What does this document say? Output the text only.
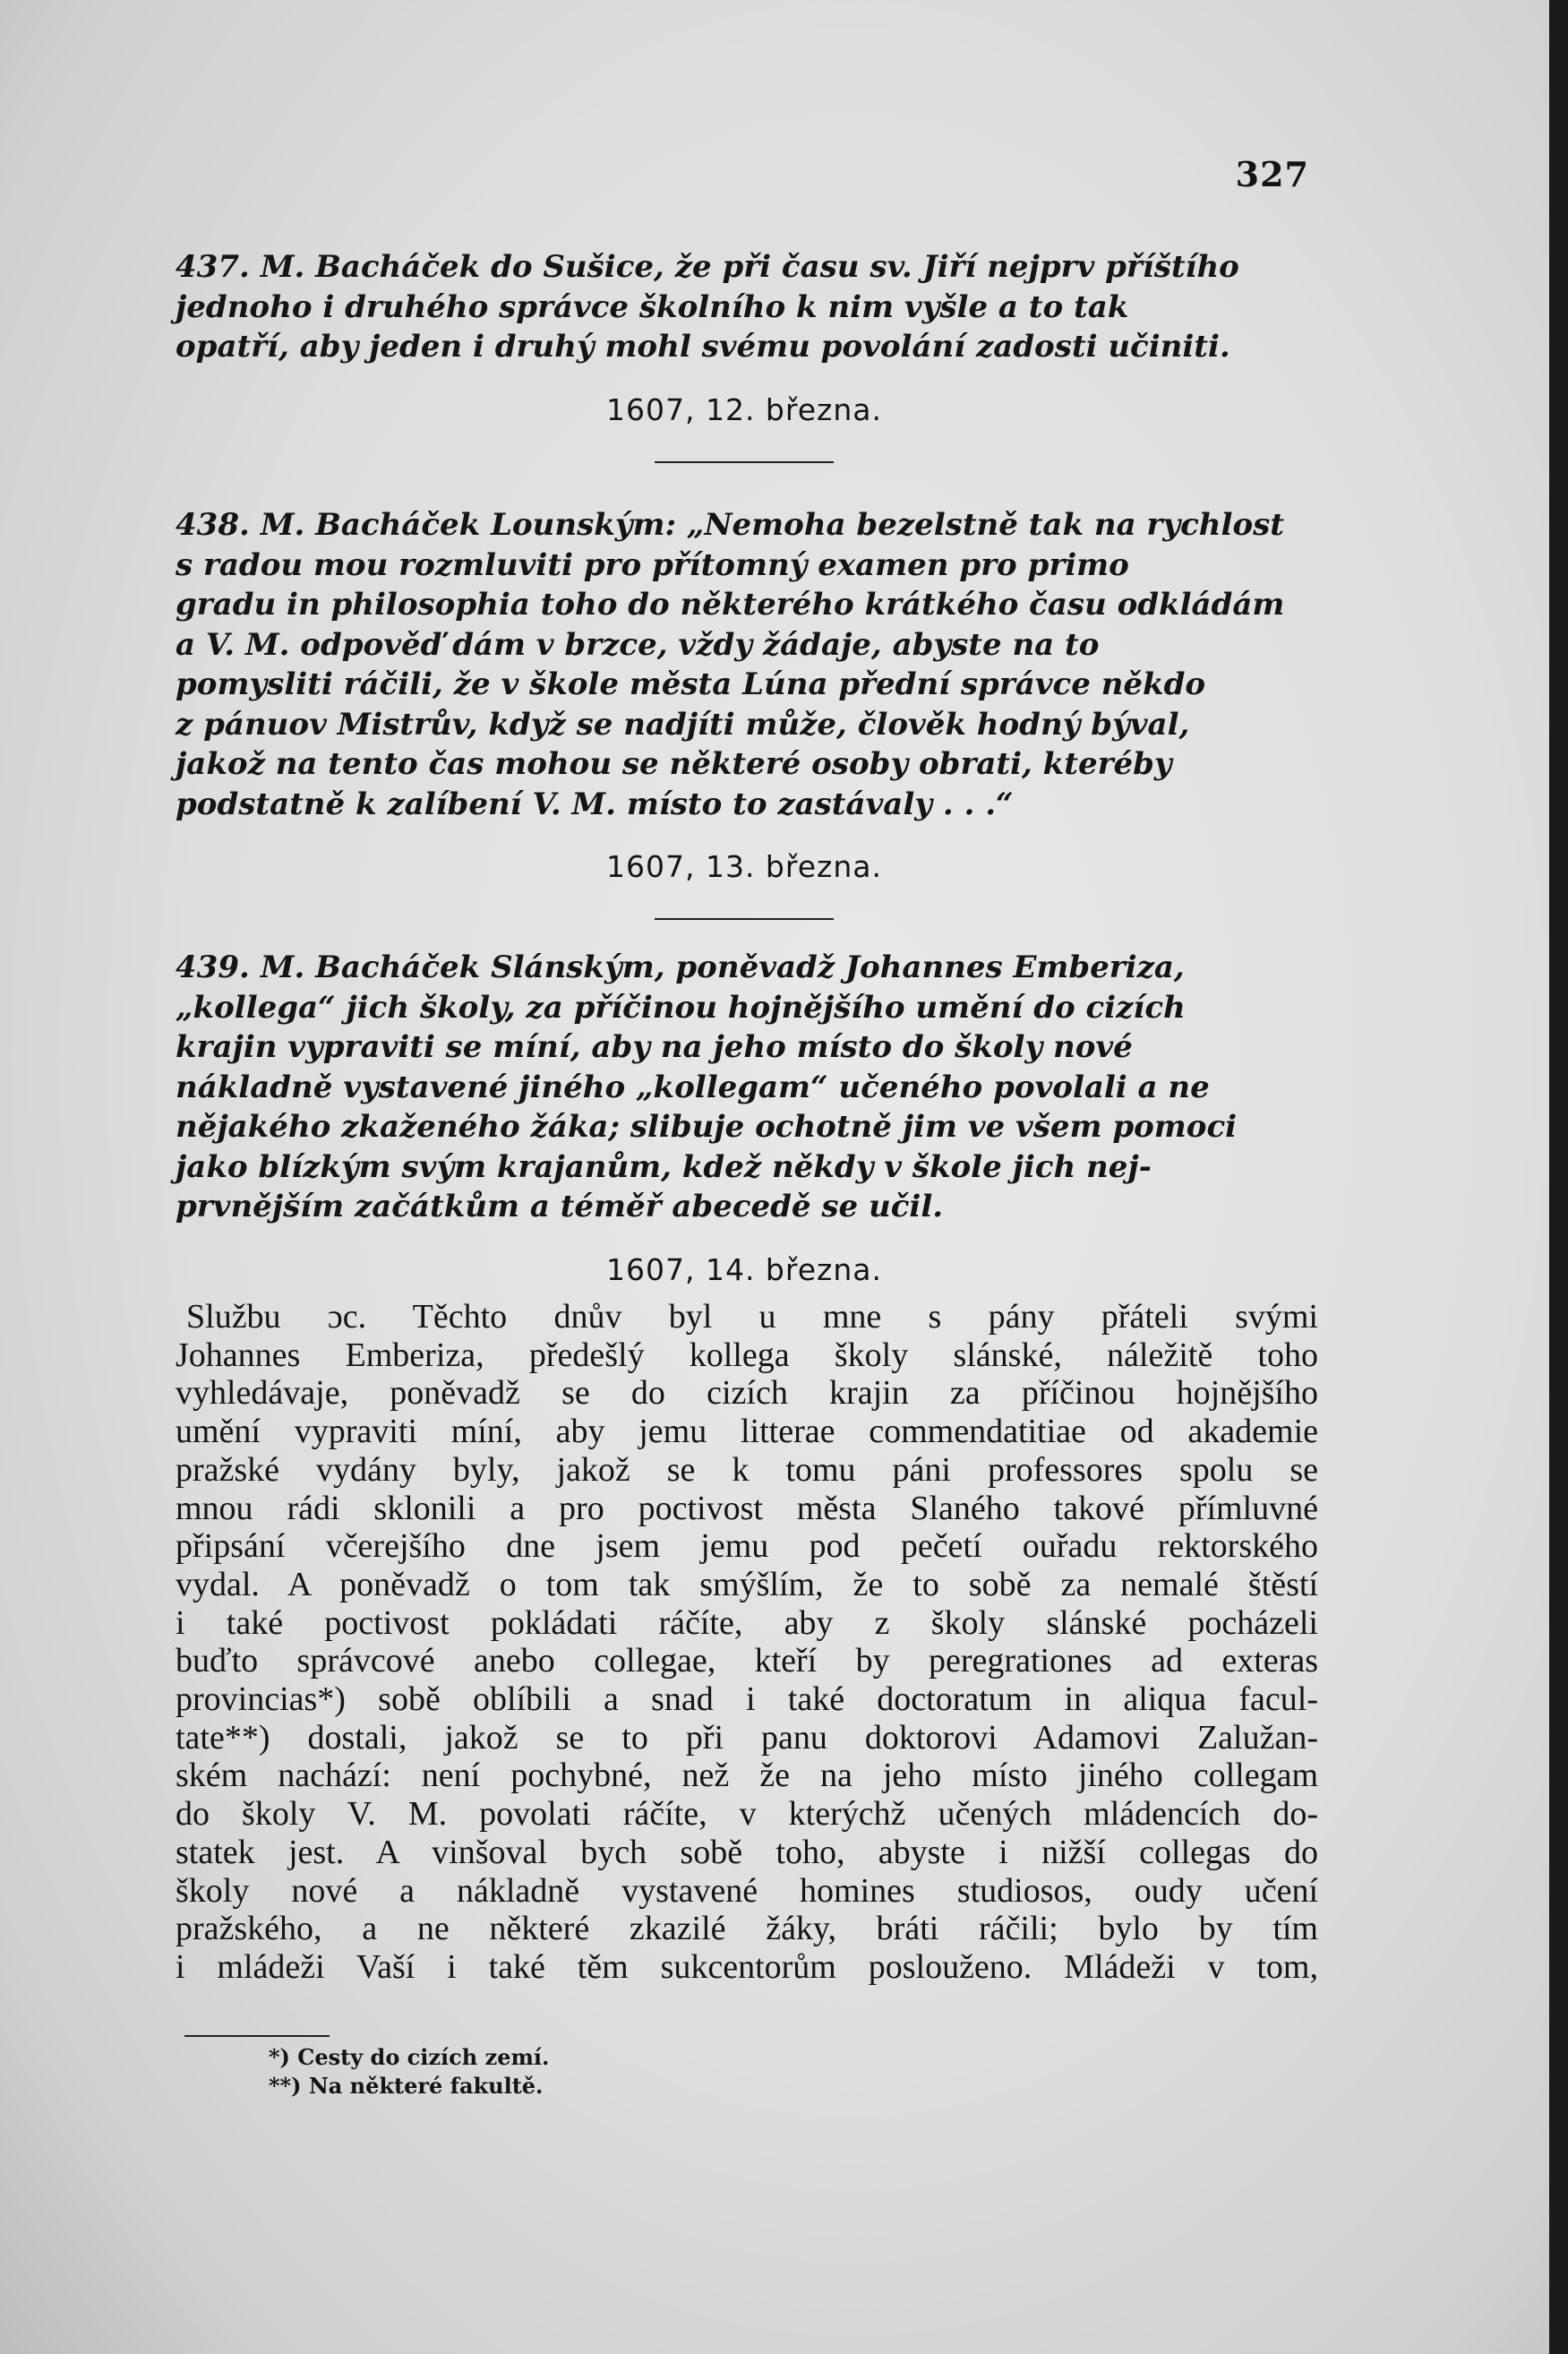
327

437. M. Bacháček do Sušice, že při času sv. Jiří nejprv příštího
jednoho i druhého správce školního k nim vyšle a to tak
opatří, aby jeden i druhý mohl svému povolání zadosti učiniti.

1607, 12. března.

438. M. Bacháček Lounským: „Nemoha bezelstně tak na rychlost
s radou mou rozmluviti pro přítomný examen pro primo
gradu in philosophia toho do některého krátkého času odkládám
a V. M. odpověď dám v brzce, vždy žádaje, abyste na to
pomysliti ráčili, že v škole města Lúna přední správce někdo
z pánuov Mistrův, když se nadjíti může, člověk hodný býval,
jakož na tento čas mohou se některé osoby obrati, kteréby
podstatně k zalíbení V. M. místo to zastávaly . . .“

1607, 13. března.

439. M. Bacháček Slánským, poněvadž Johannes Emberiza,
„kollega“ jich školy, za příčinou hojnějšího umění do cizích
krajin vypraviti se míní, aby na jeho místo do školy nové
nákladně vystavené jiného „kollegam“ učeného povolali a ne
nějakého zkaženého žáka; slibuje ochotně jim ve všem pomoci
jako blízkým svým krajanům, kdež někdy v škole jich nej-
prvnějším začátkům a téměř abecedě se učil.

1607, 14. března.
Službu ɔc. Těchto dnův byl u mne s pány přáteli svými
Johannes Emberiza, předešlý kollega školy slánské, náležitě toho
vyhledávaje, poněvadž se do cizích krajin za příčinou hojnějšího
umění vypraviti míní, aby jemu litterae commendatitiae od akademie
pražské vydány byly, jakož se k tomu páni professores spolu se
mnou rádi sklonili a pro poctivost města Slaného takové přímluvné
připsání včerejšího dne jsem jemu pod pečetí ouřadu rektorského
vydal. A poněvadž o tom tak smýšlím, že to sobě za nemalé štěstí
i také poctivost pokládati ráčíte, aby z školy slánské pocházeli
buďto správcové anebo collegae, kteří by peregrationes ad exteras
provincias*) sobě oblíbili a snad i také doctoratum in aliqua facul-
tate**) dostali, jakož se to při panu doktorovi Adamovi Zalužan-
ském nachází: není pochybné, než že na jeho místo jiného collegam
do školy V. M. povolati ráčíte, v kterýchž učených mládencích do-
statek jest. A vinšoval bych sobě toho, abyste i nižší collegas do
školy nové a nákladně vystavené homines studiosos, oudy učení
pražského, a ne některé zkazilé žáky, bráti ráčili; bylo by tím
i mládeži Vaší i také těm sukcentorům poslouženo. Mládeži v tom,
*) Cesty do cizích zemí.
**) Na některé fakultě.
